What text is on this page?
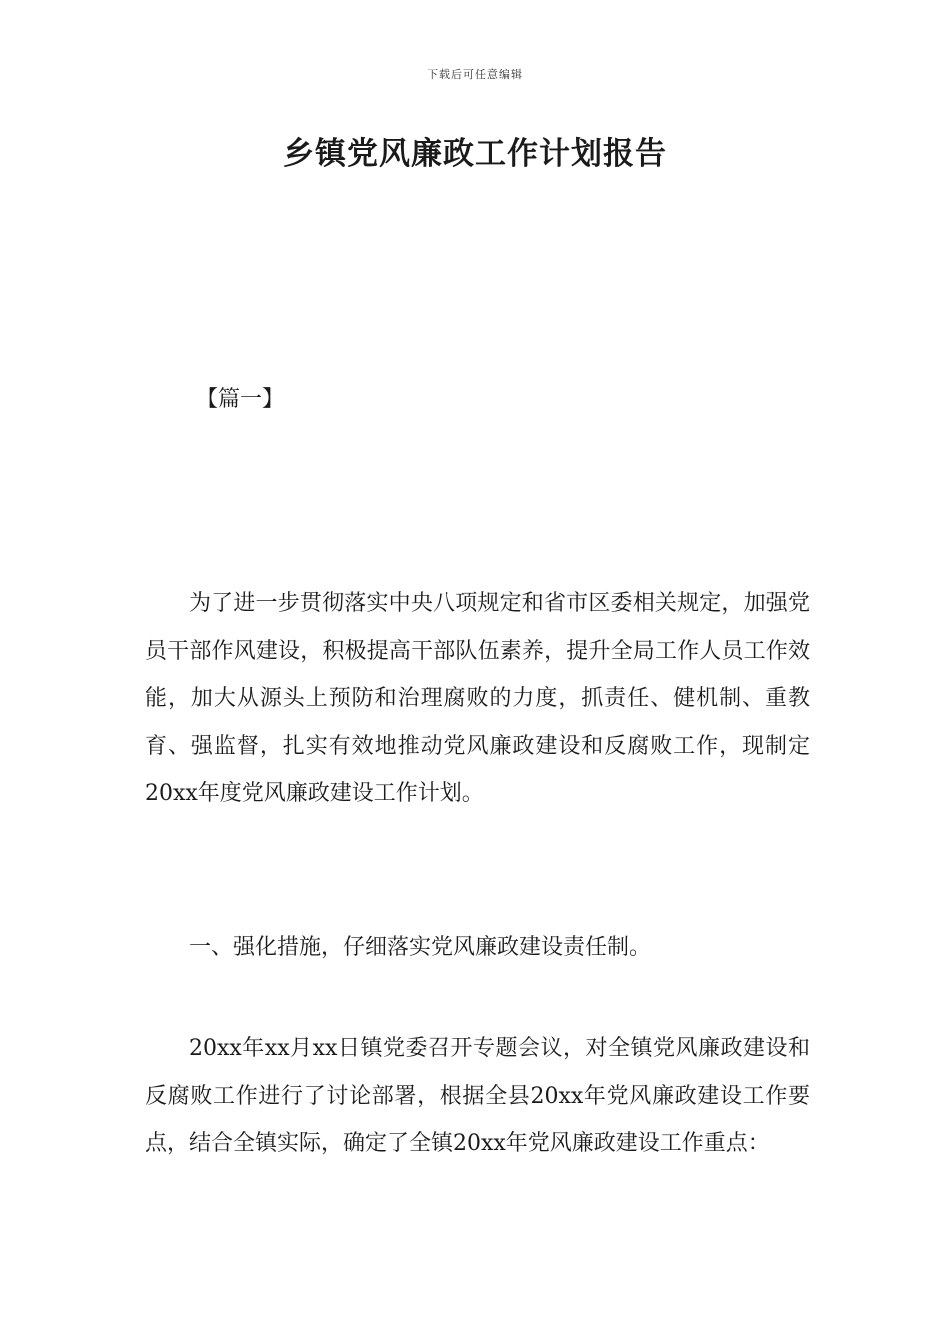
下载后可任意编辑
乡镇党风廉政工作计划报告

【篇一】

为了进一步贯彻落实中央八项规定和省市区委相关规定，加强党员干部作风建设，积极提高干部队伍素养，提升全局工作人员工作效能，加大从源头上预防和治理腐败的力度，抓责任、健机制、重教育、强监督，扎实有效地推动党风廉政建设和反腐败工作，现制定20xx年度党风廉政建设工作计划。

一、强化措施，仔细落实党风廉政建设责任制。

20xx年xx月xx日镇党委召开专题会议，对全镇党风廉政建设和反腐败工作进行了讨论部署，根据全县20xx年党风廉政建设工作要点，结合全镇实际，确定了全镇20xx年党风廉政建设工作重点：
